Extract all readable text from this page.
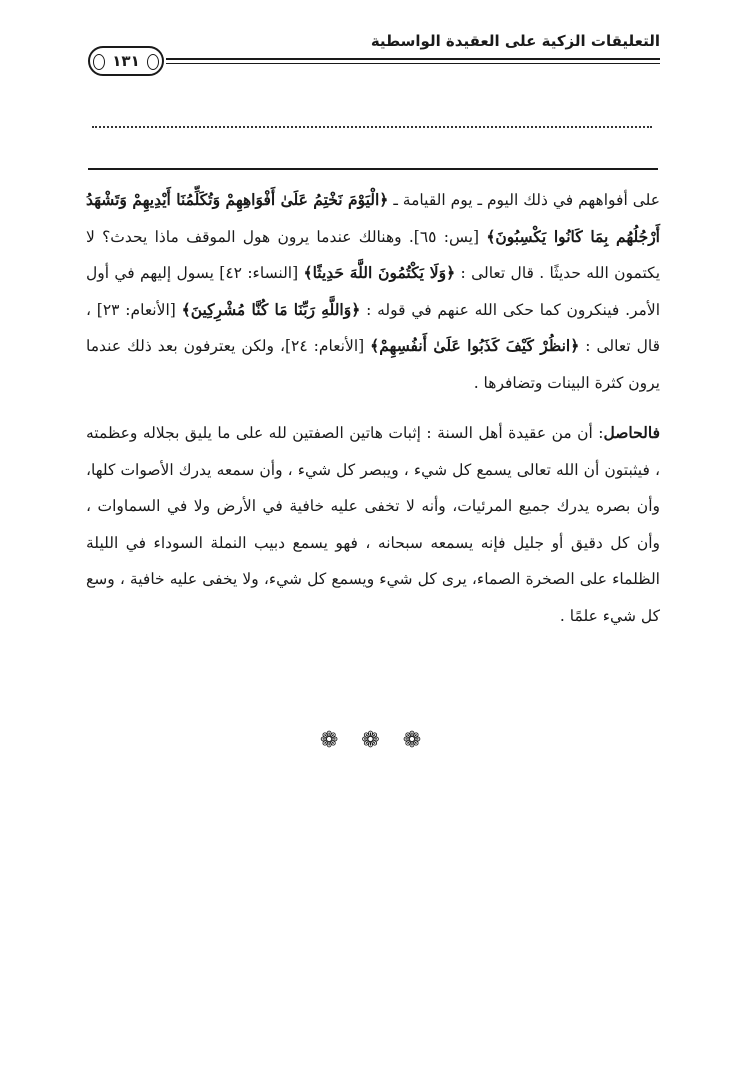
التعليقات الزكية على العقيدة الواسطية
١٣١

على أفواههم في ذلك اليوم ـ يوم القيامة ـ ﴿الْيَوْمَ نَخْتِمُ عَلَىٰ أَفْوَاهِهِمْ وَتُكَلِّمُنَا أَيْدِيهِمْ وَتَشْهَدُ أَرْجُلُهُم بِمَا كَانُوا يَكْسِبُونَ﴾ [يس: ٦٥]. وهنالك عندما يرون هول الموقف ماذا يحدث؟ لا يكتمون الله حديثًا . قال تعالى : ﴿وَلَا يَكْتُمُونَ اللَّهَ حَدِيثًا﴾ [النساء: ٤٢] يسول إليهم في أول الأمر. فينكرون كما حكى الله عنهم في قوله : ﴿وَاللَّهِ رَبِّنَا مَا كُنَّا مُشْرِكِينَ﴾ [الأنعام: ٢٣] ، قال تعالى : ﴿انظُرْ كَيْفَ كَذَبُوا عَلَىٰ أَنفُسِهِمْ﴾ [الأنعام: ٢٤]، ولكن يعترفون بعد ذلك عندما يرون كثرة البينات وتضافرها .

فالحاصل: أن من عقيدة أهل السنة : إثبات هاتين الصفتين لله على ما يليق بجلاله وعظمته ، فيثبتون أن الله تعالى يسمع كل شيء ، ويبصر كل شيء ، وأن سمعه يدرك الأصوات كلها، وأن بصره يدرك جميع المرئيات، وأنه لا تخفى عليه خافية في الأرض ولا في السماوات ، وأن كل دقيق أو جليل فإنه يسمعه سبحانه ، فهو يسمع دبيب النملة السوداء في الليلة الظلماء على الصخرة الصماء، يرى كل شيء ويسمع كل شيء، ولا يخفى عليه خافية ، وسع كل شيء علمًا .

❁ ❁ ❁
